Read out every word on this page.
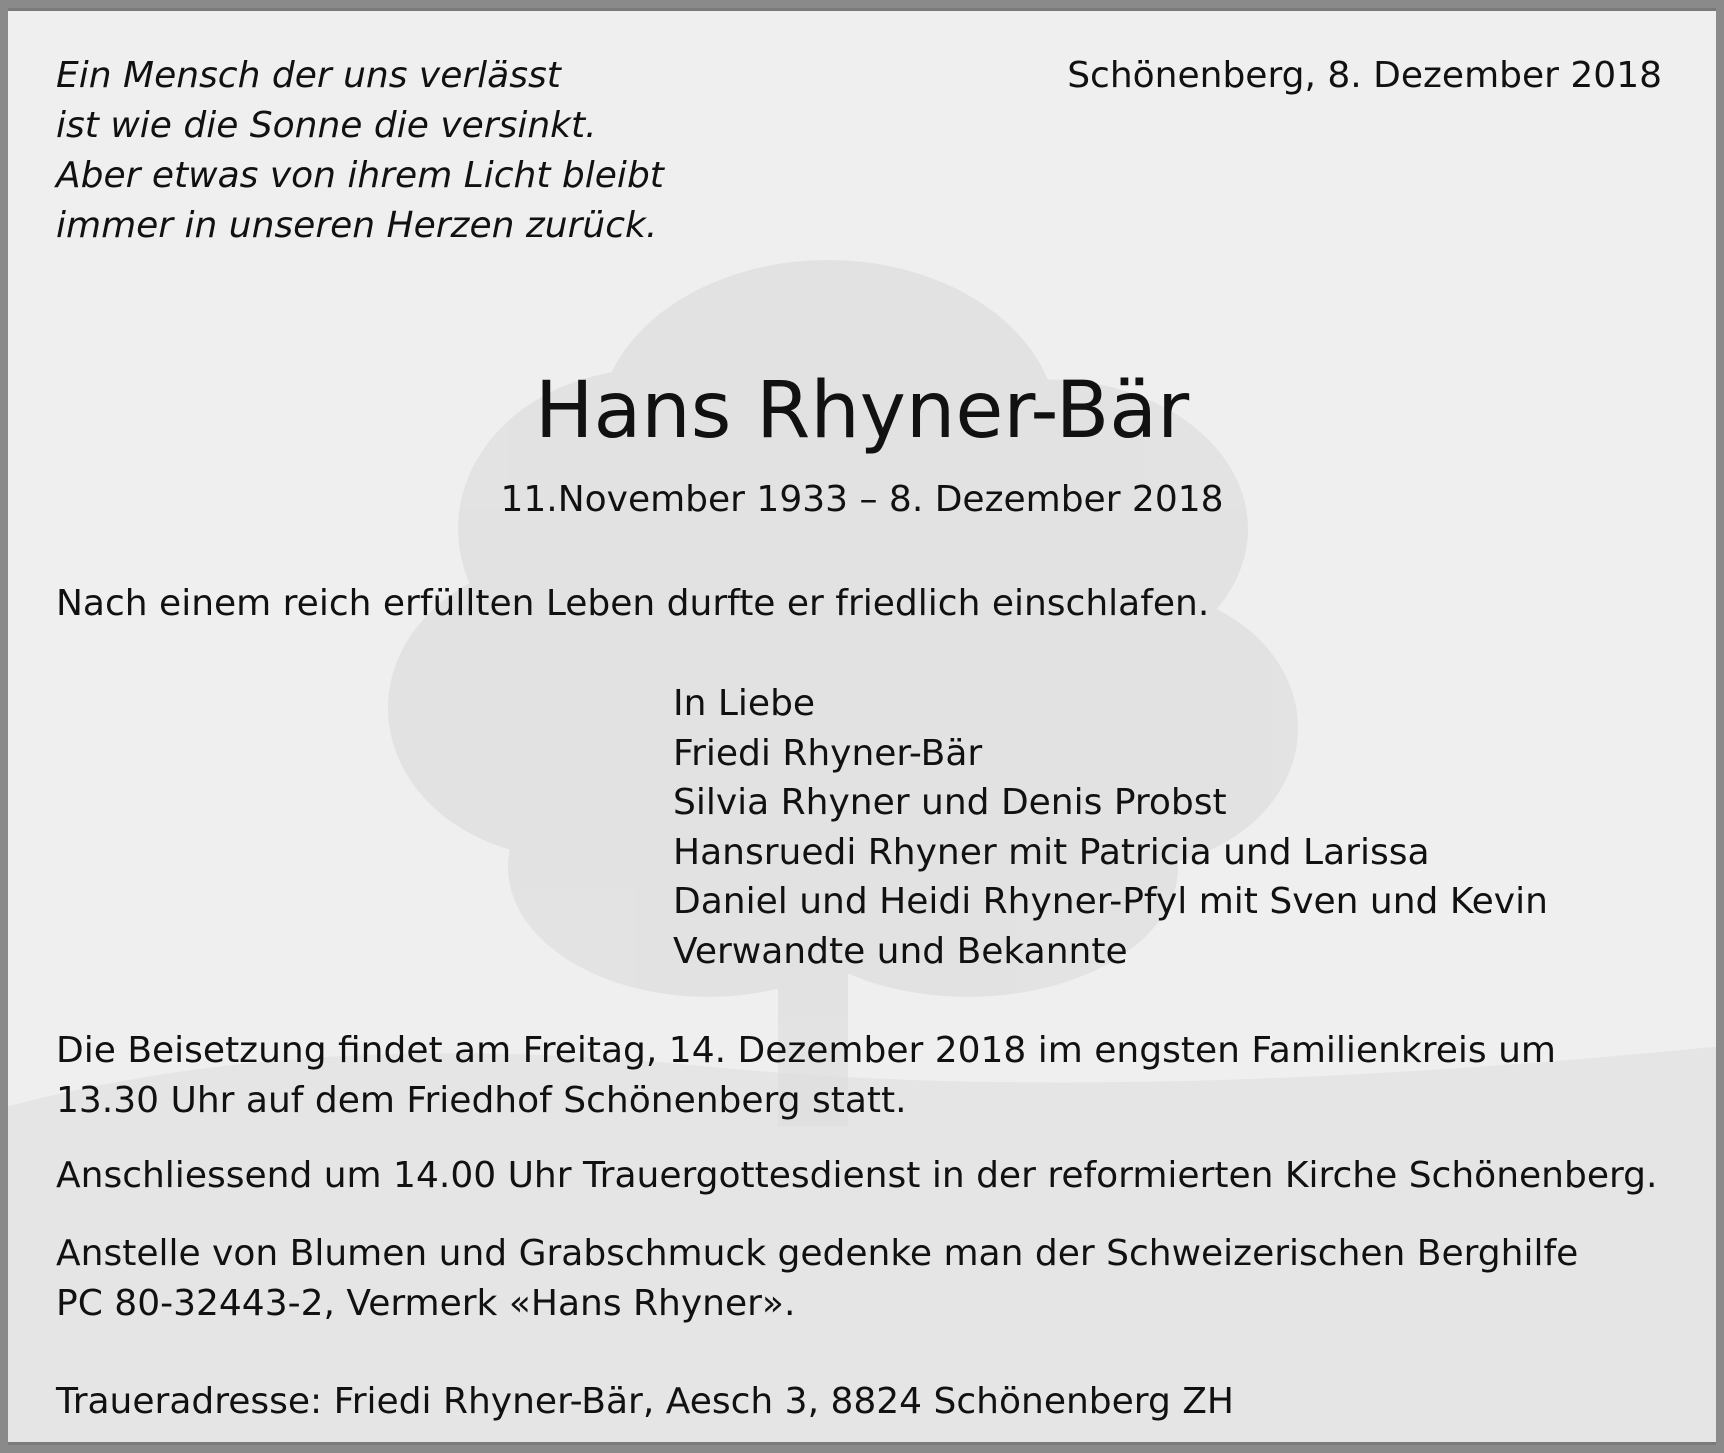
Ein Mensch der uns verlässt
ist wie die Sonne die versinkt.
Aber etwas von ihrem Licht bleibt
immer in unseren Herzen zurück.
Schönenberg, 8. Dezember 2018
Hans Rhyner-Bär
11.November 1933 – 8. Dezember 2018
Nach einem reich erfüllten Leben durfte er friedlich einschlafen.
In Liebe
Friedi Rhyner-Bär
Silvia Rhyner und Denis Probst
Hansruedi Rhyner mit Patricia und Larissa
Daniel und Heidi Rhyner-Pfyl mit Sven und Kevin
Verwandte und Bekannte
Die Beisetzung findet am Freitag, 14. Dezember 2018 im engsten Familienkreis um
13.30 Uhr auf dem Friedhof Schönenberg statt.
Anschliessend um 14.00 Uhr Trauergottesdienst in der reformierten Kirche Schönenberg.
Anstelle von Blumen und Grabschmuck gedenke man der Schweizerischen Berghilfe
PC 80-32443-2, Vermerk «Hans Rhyner».
Traueradresse: Friedi Rhyner-Bär, Aesch 3, 8824 Schönenberg ZH
